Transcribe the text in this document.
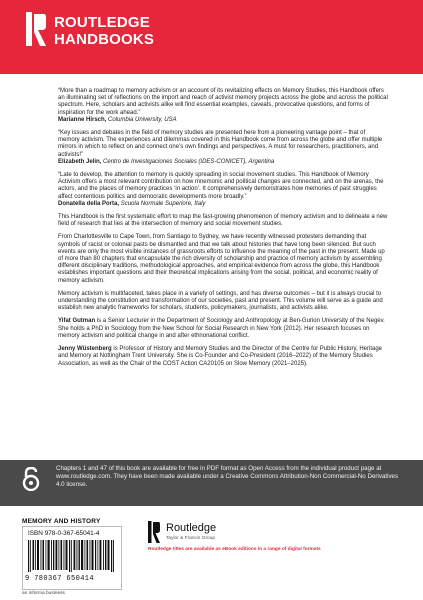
ROUTLEDGE
HANDBOOKS
“More than a roadmap to memory activism or an account of its revitalizing effects on Memory Studies, this Handbook offers an illuminating set of reflections on the import and reach of activist memory projects across the globe and across the political spectrum. Here, scholars and activists alike will find essential examples, caveats, provocative questions, and forms of inspiration for the work ahead.”
Marianne Hirsch, Columbia University, USA
“Key issues and debates in the field of memory studies are presented here from a pioneering vantage point – that of memory activism. The experiences and dilemmas covered in this Handbook come from across the globe and offer multiple mirrors in which to reflect on and connect one’s own findings and perspectives. A must for researchers, practitioners, and activists!”
Elizabeth Jelin, Centro de Investigaciones Sociales (IDES-CONICET), Argentina
“Late to develop, the attention to memory is quickly spreading in social movement studies. This Handbook of Memory Activism offers a most relevant contribution on how mnemonic and political changes are connected, and on the arenas, the actors, and the places of memory practices ‘in action’. It comprehensively demonstrates how memories of past struggles affect contentious politics and democratic developments more broadly.”
Donatella della Porta, Scuola Normale Superiore, Italy
This Handbook is the first systematic effort to map the fast-growing phenomenon of memory activism and to delineate a new field of research that lies at the intersection of memory and social movement studies.
From Charlottesville to Cape Town, from Santiago to Sydney, we have recently witnessed protesters demanding that symbols of racist or colonial pasts be dismantled and that we talk about histories that have long been silenced. But such events are only the most visible instances of grassroots efforts to influence the meaning of the past in the present. Made up of more than 80 chapters that encapsulate the rich diversity of scholarship and practice of memory activism by assembling different disciplinary traditions, methodological approaches, and empirical evidence from across the globe, this Handbook establishes important questions and their theoretical implications arising from the social, political, and economic reality of memory activism.
Memory activism is multifaceted, takes place in a variety of settings, and has diverse outcomes – but it is always crucial to understanding the constitution and transformation of our societies, past and present. This volume will serve as a guide and establish new analytic frameworks for scholars, students, policymakers, journalists, and activists alike.
Yifat Gutman is a Senior Lecturer in the Department of Sociology and Anthropology at Ben-Gurion University of the Negev. She holds a PhD in Sociology from the New School for Social Research in New York (2012). Her research focuses on memory activism and political change in and after ethnonational conflict.
Jenny Wüstenberg is Professor of History and Memory Studies and the Director of the Centre for Public History, Heritage and Memory at Nottingham Trent University. She is Co-Founder and Co-President (2016–2022) of the Memory Studies Association, as well as the Chair of the COST Action CA20105 on Slow Memory (2021–2025).
Chapters 1 and 47 of this book are available for free in PDF format as Open Access from the individual product page at www.routledge.com. They have been made available under a Creative Commons Attribution-Non Commercial-No Derivatives 4.0 license.
MEMORY AND HISTORY
ISBN 978-0-367-65041-4
9 780367 650414
an informa business
Routledge
Taylor & Francis Group
Routledge titles are available as eBook editions in a range of digital formats
